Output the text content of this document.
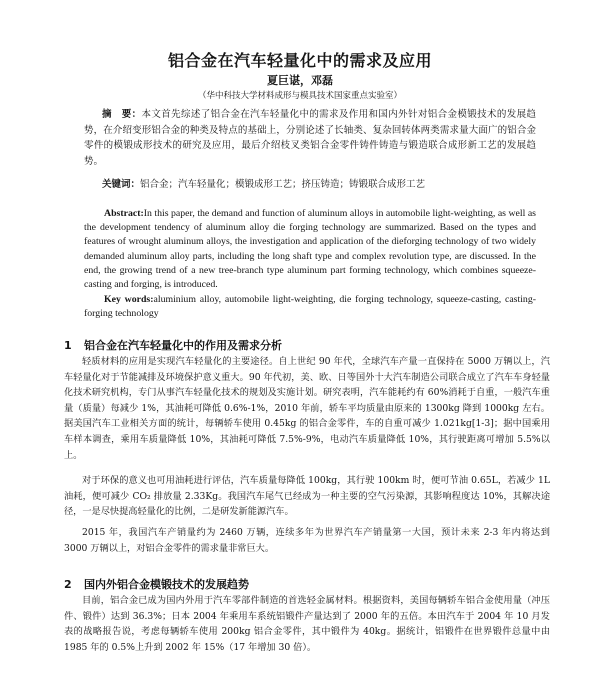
铝合金在汽车轻量化中的需求及应用
夏巨谌，邓磊
（华中科技大学材料成形与模具技术国家重点实验室）

摘　要：本文首先综述了铝合金在汽车轻量化中的需求及作用和国内外针对铝合金模锻技术的发展趋势，在介绍变形铝合金的种类及特点的基础上，分别论述了长轴类、复杂回转体两类需求量大面广的铝合金零件的模锻成形技术的研究及应用，最后介绍枝叉类铝合金零件铸件铸造与锻造联合成形新工艺的发展趋势。

关键词：铝合金；汽车轻量化；模锻成形工艺；挤压铸造；铸锻联合成形工艺

Abstract:In this paper, the demand and function of aluminum alloys in automobile light-weighting, as well as the development tendency of aluminum alloy die forging technology are summarized. Based on the types and features of wrought aluminum alloys, the investigation and application of the dieforging technology of two widely demanded aluminum alloy parts, including the long shaft type and complex revolution type, are discussed. In the end, the growing trend of a new tree-branch type aluminum part forming technology, which combines squeeze-casting and forging, is introduced.

Key words:aluminium alloy, automobile light-weighting, die forging technology, squeeze-casting, casting-forging technology

1 铝合金在汽车轻量化中的作用及需求分析

轻质材料的应用是实现汽车轻量化的主要途径。自上世纪 90 年代，全球汽车产量一直保持在 5000 万辆以上，汽车轻量化对于节能减排及环境保护意义重大。90 年代初，美、欧、日等国外十大汽车制造公司联合成立了汽车车身轻量化技术研究机构，专门从事汽车轻量化技术的规划及实施计划。研究表明，汽车能耗约有 60%消耗于自重，一般汽车重量（质量）每减少 1%，其油耗可降低 0.6%-1%，2010 年前，轿车平均质量由原来的 1300kg 降到 1000kg 左右。据美国汽车工业相关方面的统计，每辆轿车使用 0.45kg 的铝合金零件，车的自重可减少 1.021kg[1-3]；据中国乘用车样本调查，乘用车质量降低 10%，其油耗可降低 7.5%-9%，电动汽车质量降低 10%，其行驶距离可增加 5.5%以上。

对于环保的意义也可用油耗进行评估，汽车质量每降低 100kg，其行驶 100km 时，便可节油 0.65L，若减少 1L 油耗，便可减少 CO₂ 排放量 2.33Kg。我国汽车尾气已经成为一种主要的空气污染源，其影响程度达 10%，其解决途径，一是尽快提高轻量化的比例，二是研发新能源汽车。

2015 年，我国汽车产销量约为 2460 万辆，连续多年为世界汽车产销量第一大国，预计未来 2-3 年内将达到 3000 万辆以上，对铝合金零件的需求量非常巨大。

2 国内外铝合金模锻技术的发展趋势

目前，铝合金已成为国内外用于汽车零部件制造的首选轻金属材料。根据资料，美国每辆轿车铝合金使用量（冲压件、锻件）达到 36.3%；日本 2004 年乘用车系统铝锻件产量达到了 2000 年的五倍。本田汽车于 2004 年 10 月发表的战略报告说，考虑每辆轿车使用 200kg 铝合金零件，其中锻件为 40kg。据统计，铝锻件在世界锻件总量中由 1985 年的 0.5%上升到 2002 年 15%（17 年增加 30 倍）。
